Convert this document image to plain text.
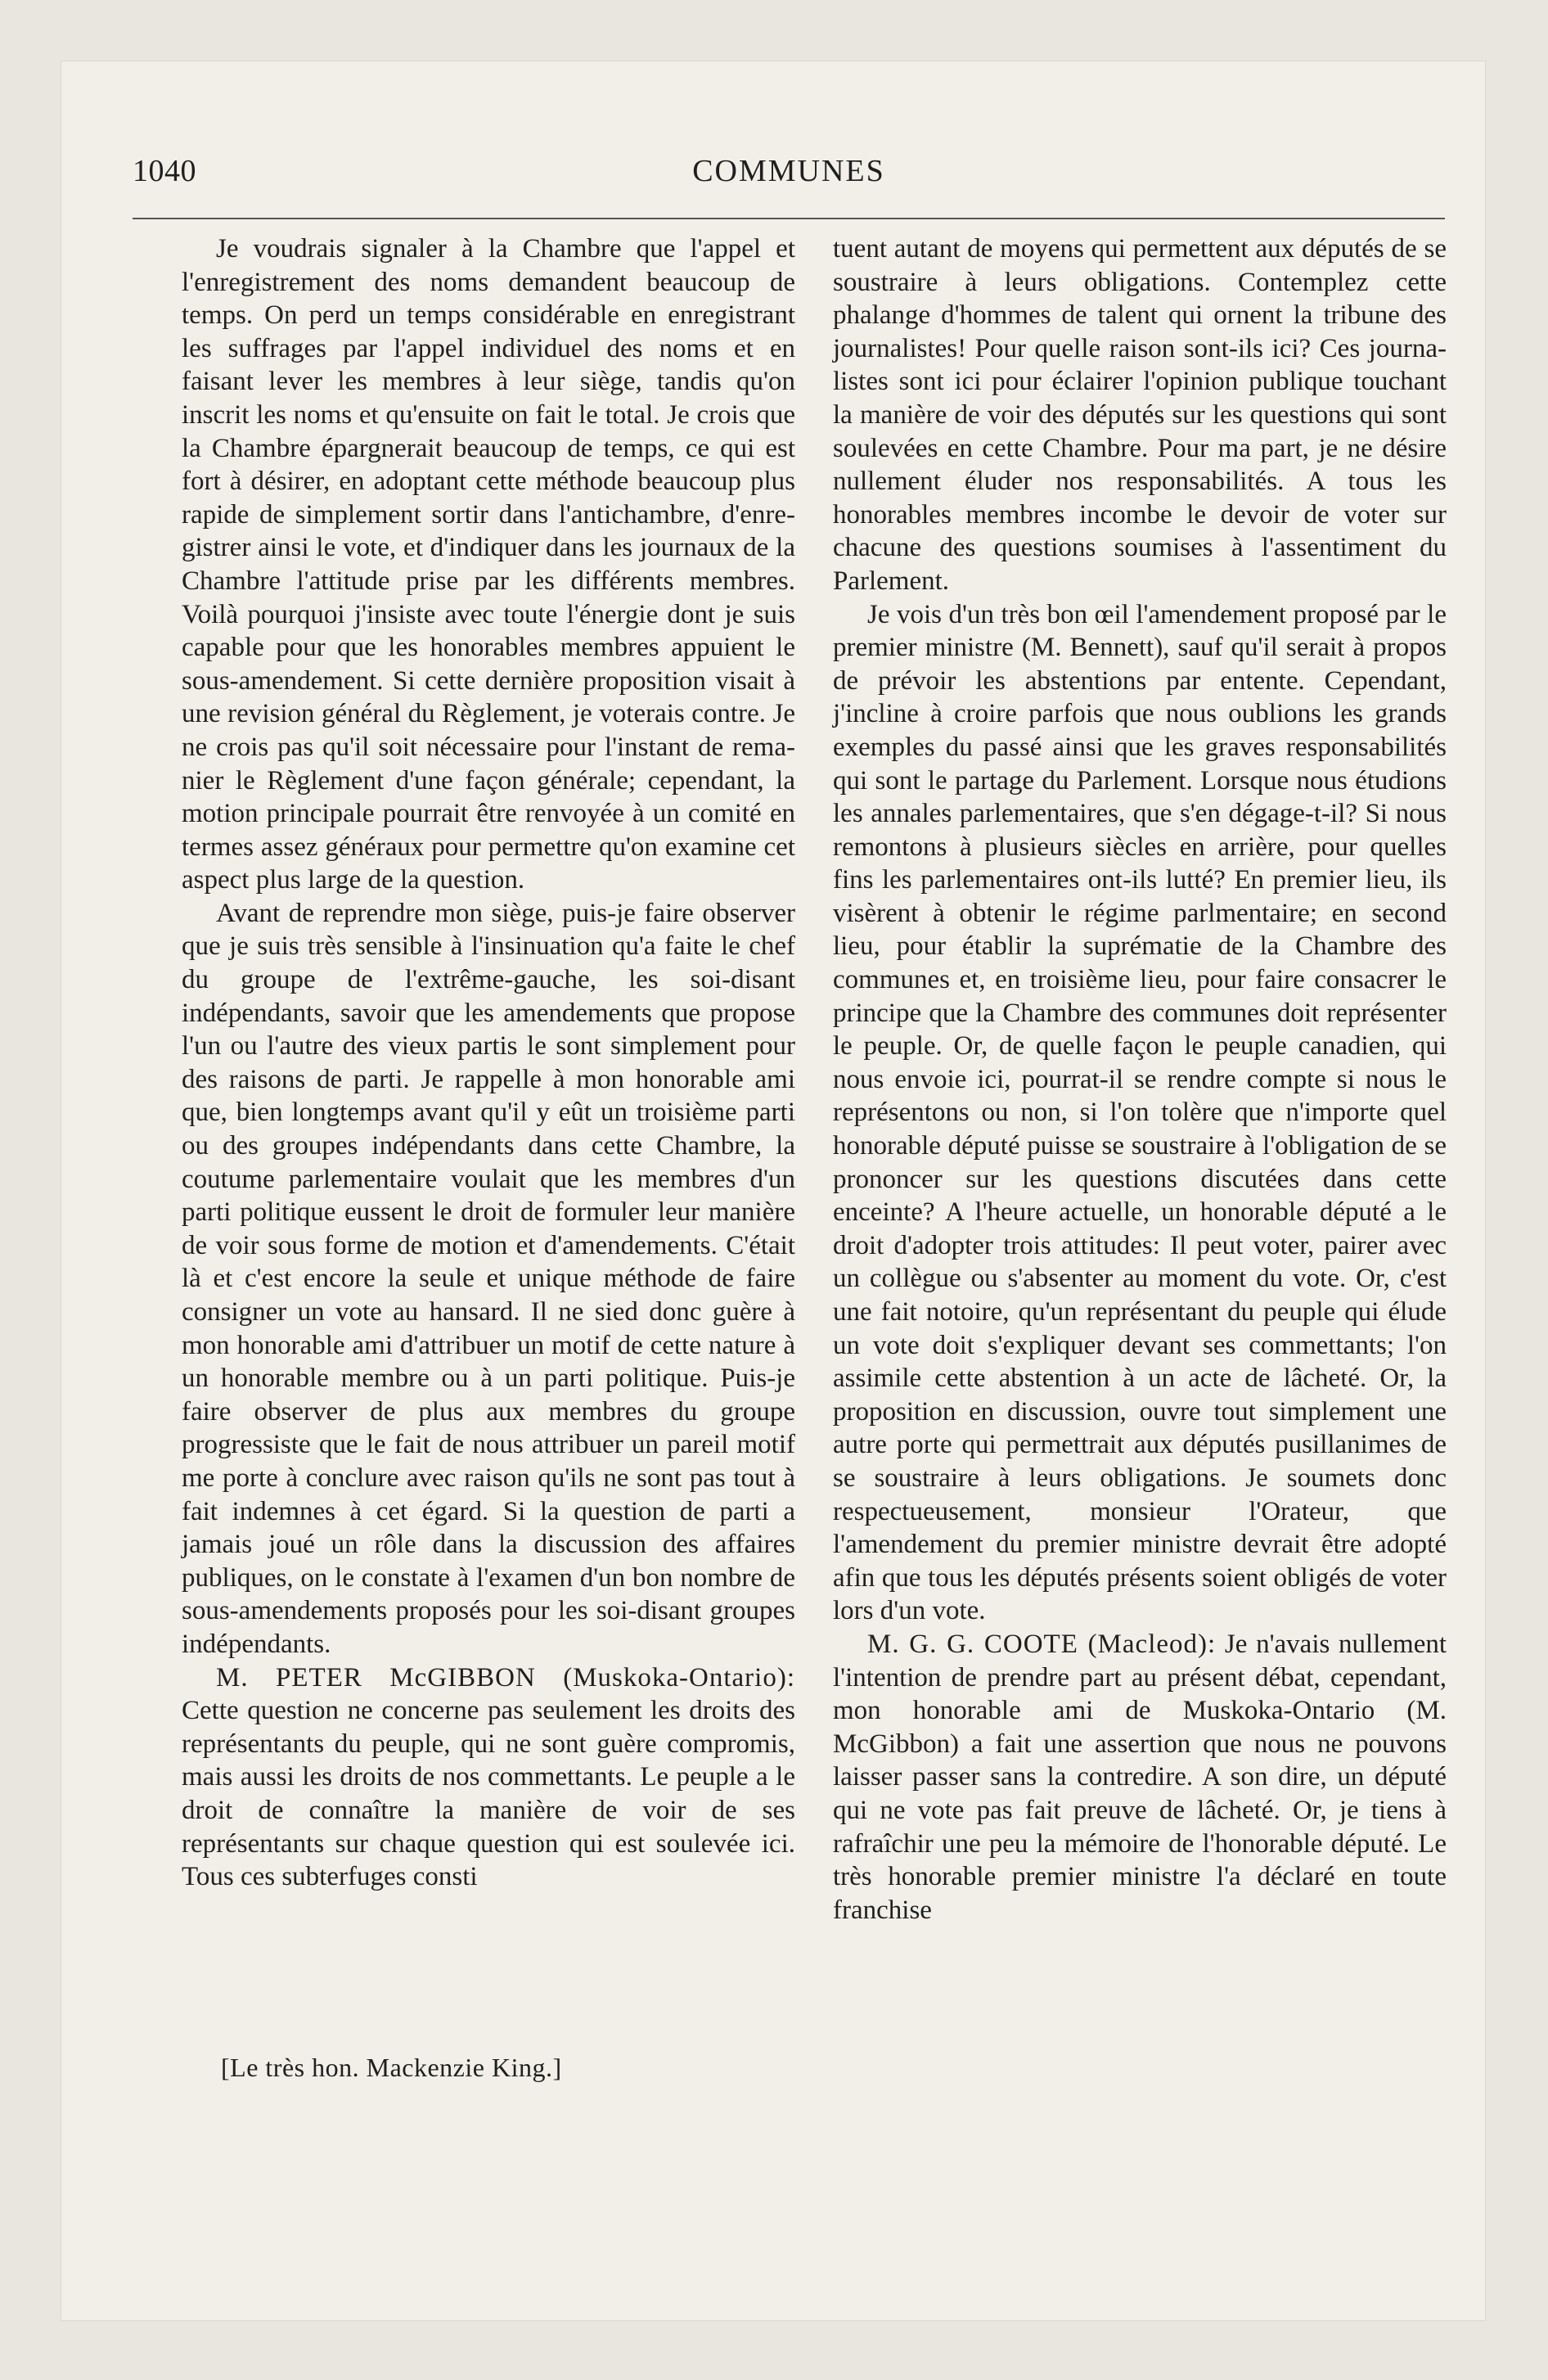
1040	COMMUNES

Je voudrais signaler à la Chambre que l'appel et l'enregistrement des noms demandent beaucoup de temps. On perd un temps considérable en enregistrant les suffrages par l'appel individuel des noms et en faisant lever les membres à leur siège, tandis qu'on inscrit les noms et qu'ensuite on fait le total. Je crois que la Chambre épargnerait beaucoup de temps, ce qui est fort à désirer, en adoptant cette méthode beaucoup plus rapide de simplement sortir dans l'antichambre, d'enregistrer ainsi le vote, et d'indiquer dans les journaux de la Chambre l'attitude prise par les différents membres. Voilà pourquoi j'insiste avec toute l'énergie dont je suis capable pour que les honorables membres appuient le sous-amendement. Si cette dernière proposition visait à une revision général du Règlement, je voterais contre. Je ne crois pas qu'il soit nécessaire pour l'instant de remanier le Règlement d'une façon générale; cependant, la motion principale pourrait être renvoyée à un comité en termes assez généraux pour permettre qu'on examine cet aspect plus large de la question.

Avant de reprendre mon siège, puis-je faire observer que je suis très sensible à l'insinuation qu'a faite le chef du groupe de l'extrême-gauche, les soi-disant indépendants, savoir que les amendements que propose l'un ou l'autre des vieux partis le sont simplement pour des raisons de parti. Je rappelle à mon honorable ami que, bien longtemps avant qu'il y eût un troisième parti ou des groupes indépendants dans cette Chambre, la coutume parlementaire voulait que les membres d'un parti politique eussent le droit de formuler leur manière de voir sous forme de motion et d'amendements. C'était là et c'est encore la seule et unique méthode de faire consigner un vote au hansard. Il ne sied donc guère à mon honorable ami d'attribuer un motif de cette nature à un honorable membre ou à un parti politique. Puis-je faire observer de plus aux membres du groupe progressiste que le fait de nous attribuer un pareil motif me porte à conclure avec raison qu'ils ne sont pas tout à fait indemnes à cet égard. Si la question de parti a jamais joué un rôle dans la discussion des affaires publiques, on le constate à l'examen d'un bon nombre de sous-amendements proposés pour les soi-disant groupes indépendants.

M. PETER McGIBBON (Muskoka-Ontario): Cette question ne concerne pas seulement les droits des représentants du peuple, qui ne sont guère compromis, mais aussi les droits de nos commettants. Le peuple a le droit de connaître la manière de voir de ses représentants sur chaque question qui est soulevée ici. Tous ces subterfuges consti

tuent autant de moyens qui permettent aux députés de se soustraire à leurs obligations. Contemplez cette phalange d'hommes de talent qui ornent la tribune des journalistes! Pour quelle raison sont-ils ici? Ces journalistes sont ici pour éclairer l'opinion publique touchant la manière de voir des députés sur les questions qui sont soulevées en cette Chambre. Pour ma part, je ne désire nullement éluder nos responsabilités. A tous les honorables membres incombe le devoir de voter sur chacune des questions soumises à l'assentiment du Parlement.

Je vois d'un très bon œil l'amendement proposé par le premier ministre (M. Bennett), sauf qu'il serait à propos de prévoir les abstentions par entente. Cependant, j'incline à croire parfois que nous oublions les grands exemples du passé ainsi que les graves responsabilités qui sont le partage du Parlement. Lorsque nous étudions les annales parlementaires, que s'en dégage-t-il? Si nous remontons à plusieurs siècles en arrière, pour quelles fins les parlementaires ont-ils lutté? En premier lieu, ils visèrent à obtenir le régime parlmentaire; en second lieu, pour établir la suprématie de la Chambre des communes et, en troisième lieu, pour faire consacrer le principe que la Chambre des communes doit représenter le peuple. Or, de quelle façon le peuple canadien, qui nous envoie ici, pourrat-il se rendre compte si nous le représentons ou non, si l'on tolère que n'importe quel honorable député puisse se soustraire à l'obligation de se prononcer sur les questions discutées dans cette enceinte? A l'heure actuelle, un honorable député a le droit d'adopter trois attitudes: Il peut voter, pairer avec un collègue ou s'absenter au moment du vote. Or, c'est une fait notoire, qu'un représentant du peuple qui élude un vote doit s'expliquer devant ses commettants; l'on assimile cette abstention à un acte de lâcheté. Or, la proposition en discussion, ouvre tout simplement une autre porte qui permettrait aux députés pusillanimes de se soustraire à leurs obligations. Je soumets donc respectueusement, monsieur l'Orateur, que l'amendement du premier ministre devrait être adopté afin que tous les députés présents soient obligés de voter lors d'un vote.

M. G. G. COOTE (Macleod): Je n'avais nullement l'intention de prendre part au présent débat, cependant, mon honorable ami de Muskoka-Ontario (M. McGibbon) a fait une assertion que nous ne pouvons laisser passer sans la contredire. A son dire, un député qui ne vote pas fait preuve de lâcheté. Or, je tiens à rafraîchir une peu la mémoire de l'honorable député. Le très honorable premier ministre l'a déclaré en toute franchise

[Le très hon. Mackenzie King.]
